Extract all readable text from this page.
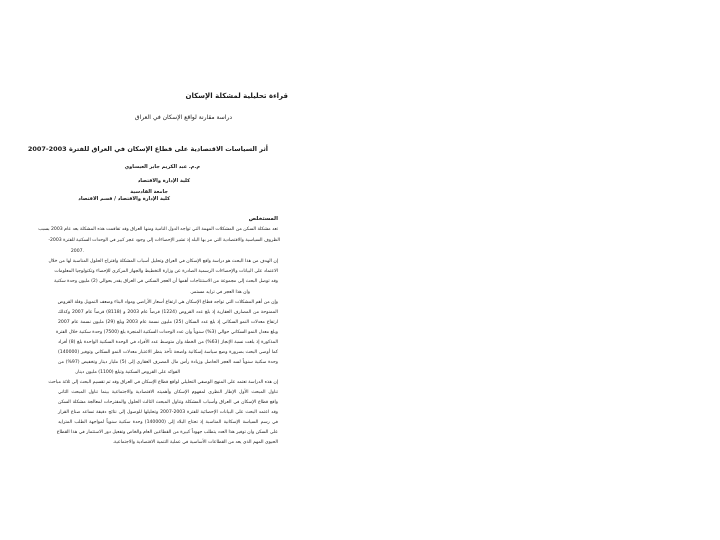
قراءة تحليلية لمشكلة الإسكان
دراسة مقارنة لواقع الإسكان في العراق
أثر السياسات الاقتصادية على قطاع الإسكان في العراق للفترة 2003-2007
م.م. عبد الكريم جابر العيساوي
كلية الإدارة والاقتصاد
جامعة القادسية
كلية الإدارة والاقتصاد / قسم الاقتصاد
المستخلص
تعد مشكلة السكن من المشكلات المهمة التي تواجه الدول النامية ومنها العراق وقد تفاقمت هذه المشكلة بعد عام 2003 بسبب
الظروف السياسية والاقتصادية التي مر بها البلد إذ تشير الإحصاءات إلى وجود عجز كبير في الوحدات السكنية للفترة 2003-
2007.
إن الهدف من هذا البحث هو دراسة واقع الإسكان في العراق وتحليل أسباب المشكلة واقتراح الحلول المناسبة لها من خلال
الاعتماد على البيانات والإحصاءات الرسمية الصادرة عن وزارة التخطيط والجهاز المركزي للإحصاء وتكنولوجيا المعلومات
وقد توصل البحث إلى مجموعة من الاستنتاجات أهمها أن العجز السكني في العراق يقدر بحوالي (2) مليون وحدة سكنية
وان هذا العجز في تزايد مستمر.
وإن من أهم المشكلات التي تواجه قطاع الإسكان هي ارتفاع أسعار الأراضي ومواد البناء وضعف التمويل وقلة القروض
الممنوحة من المصارف العقارية إذ بلغ عدد القروض (1224) قرضاً عام 2003 و (8118) قرضاً عام 2007 وكذلك
ارتفاع معدلات النمو السكاني إذ بلغ عدد السكان (25) مليون نسمة عام 2003 وبلغ (29) مليون نسمة عام 2007
وبلغ معدل النمو السكاني حوالي (3%) سنوياً وان عدد الوحدات السكنية المنجزة بلغ (7500) وحدة سكنية خلال الفترة
المذكورة إذ بلغت نسبة الإنجاز (63%) من الخطة وان متوسط عدد الأفراد في الوحدة السكنية الواحدة بلغ (8) أفراد
كما أوصى البحث بضرورة وضع سياسة إسكانية واضحة تأخذ بنظر الاعتبار معدلات النمو السكاني وتوفير (140000)
وحدة سكنية سنوياً لسد العجز الحاصل وزيادة رأس مال المصرف العقاري إلى (5) مليار دينار وتخفيض (97%) من
الفوائد على القروض السكنية وتبلغ (1100) مليون دينار.
إن هذه الدراسة تعتمد على المنهج الوصفي التحليلي لواقع قطاع الإسكان في العراق وقد تم تقسيم البحث إلى ثلاثة مباحث
تناول المبحث الأول الإطار النظري لمفهوم الإسكان وأهميته الاقتصادية والاجتماعية بينما تناول المبحث الثاني
واقع قطاع الإسكان في العراق وأسباب المشكلة وتناول المبحث الثالث الحلول والمقترحات لمعالجة مشكلة السكن
وقد اعتمد البحث على البيانات الإحصائية للفترة 2003-2007 وتحليلها للوصول إلى نتائج دقيقة تساعد صناع القرار
في رسم السياسة الإسكانية المناسبة إذ تحتاج البلاد إلى (140000) وحدة سكنية سنوياً لمواجهة الطلب المتزايد
على السكن وان توفير هذا العدد يتطلب جهوداً كبيرة من القطاعين العام والخاص وتفعيل دور الاستثمار في هذا القطاع
الحيوي المهم الذي يعد من القطاعات الأساسية في عملية التنمية الاقتصادية والاجتماعية.
